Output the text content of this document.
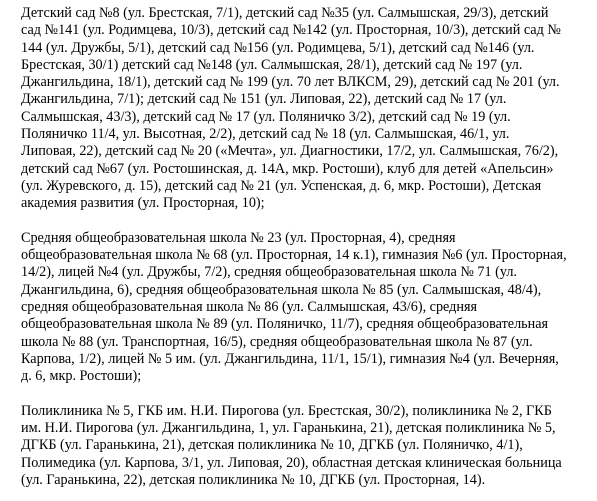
Детский сад №8 (ул. Брестская, 7/1), детский сад №35 (ул. Салмышская, 29/3), детский
сад №141 (ул. Родимцева, 10/3), детский сад №142 (ул. Просторная, 10/3), детский сад №
144 (ул. Дружбы, 5/1), детский сад №156 (ул. Родимцева, 5/1), детский сад №146 (ул.
Брестская, 30/1) детский сад №148 (ул. Салмышская, 28/1), детский сад № 197 (ул.
Джангильдина, 18/1), детский сад № 199 (ул. 70 лет ВЛКСМ, 29), детский сад № 201 (ул.
Джангильдина, 7/1); детский сад № 151 (ул. Липовая, 22), детский сад № 17 (ул.
Салмышская, 43/3), детский сад № 17 (ул. Поляничко 3/2), детский сад № 19 (ул.
Поляничко 11/4, ул. Высотная, 2/2), детский сад № 18 (ул. Салмышская, 46/1, ул.
Липовая, 22), детский сад № 20 («Мечта», ул. Диагностики, 17/2, ул. Салмышская, 76/2),
детский сад №67 (ул. Ростошинская, д. 14А, мкр. Ростоши), клуб для детей «Апельсин»
(ул. Журевского, д. 15), детский сад № 21 (ул. Успенская, д. 6, мкр. Ростоши), Детская
академия развития (ул. Просторная, 10);

Средняя общеобразовательная школа № 23 (ул. Просторная, 4), средняя
общеобразовательная школа № 68 (ул. Просторная, 14 к.1), гимназия №6 (ул. Просторная,
14/2), лицей №4 (ул. Дружбы, 7/2), средняя общеобразовательная школа № 71 (ул.
Джангильдина, 6), средняя общеобразовательная школа № 85 (ул. Салмышская, 48/4),
средняя общеобразовательная школа № 86 (ул. Салмышская, 43/6), средняя
общеобразовательная школа № 89 (ул. Поляничко, 11/7), средняя общеобразовательная
школа № 88 (ул. Транспортная, 16/5), средняя общеобразовательная школа № 87 (ул.
Карпова, 1/2), лицей № 5 им. (ул. Джангильдина, 11/1, 15/1), гимназия №4 (ул. Вечерняя,
д. 6, мкр. Ростоши);

Поликлиника № 5, ГКБ им. Н.И. Пирогова (ул. Брестская, 30/2), поликлиника № 2, ГКБ
им. Н.И. Пирогова (ул. Джангильдина, 1, ул. Гаранькина, 21), детская поликлиника № 5,
ДГКБ (ул. Гаранькина, 21), детская поликлиника № 10, ДГКБ (ул. Поляничко, 4/1),
Полимедика (ул. Карпова, 3/1, ул. Липовая, 20), областная детская клиническая больница
(ул. Гаранькина, 22), детская поликлиника № 10, ДГКБ (ул. Просторная, 14).
